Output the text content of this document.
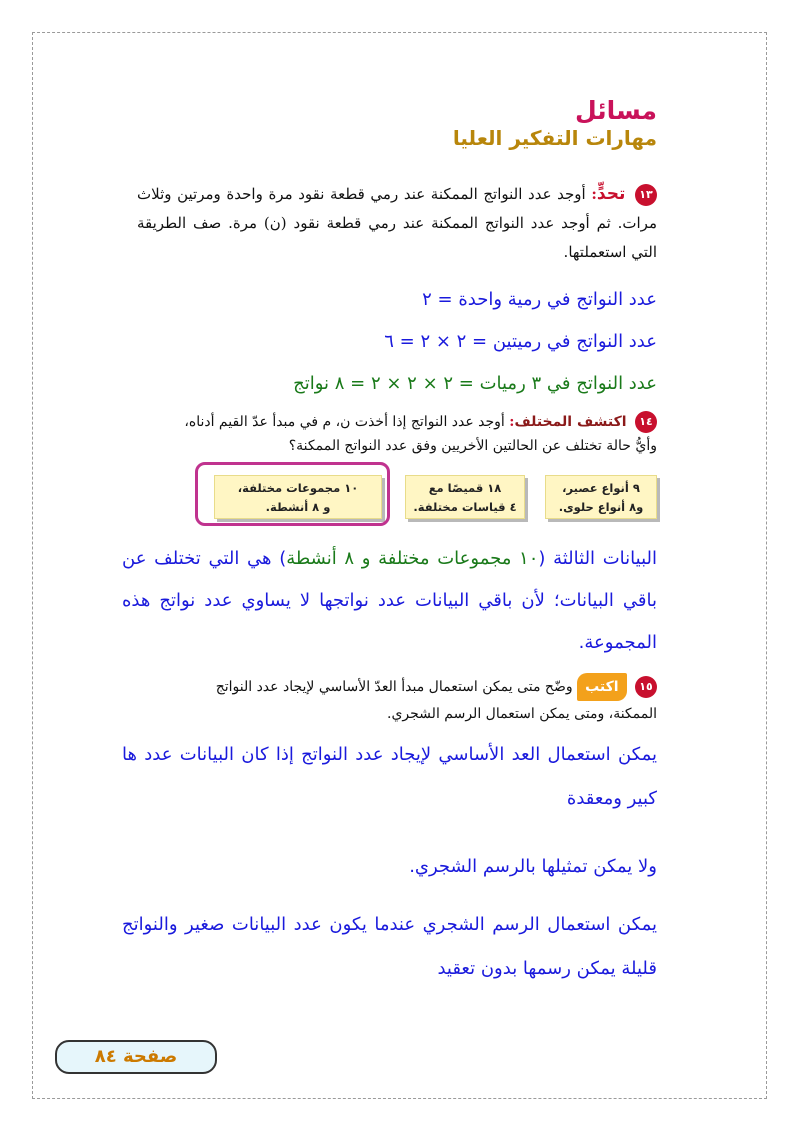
مسائل
مهارات التفكير العليا
١٣ تحدٍّ: أوجد عدد النواتج الممكنة عند رمي قطعة نقود مرة واحدة ومرتين وثلاث مرات. ثم أوجد عدد النواتج الممكنة عند رمي قطعة نقود (ن) مرة. صف الطريقة التي استعملتها.
عدد النواتج في رمية واحدة = ٢
عدد النواتج في رميتين = ٢ × ٢ = ٦
عدد النواتج في ٣ رميات = ٢ × ٢ × ٢ = ٨ نواتج
١٤ اكتشف المختلف: أوجد عدد النواتج إذا أخذت ن، م في مبدأ عدّ القيم أدناه،
وأيُّ حالة تختلف عن الحالتين الأخريين وفق عدد النواتج الممكنة؟
٩ أنواع عصير،
و٨ أنواع حلوى.
١٨ قميصًا مع
٤ قياسات مختلفة.
١٠ مجموعات مختلفة،
و ٨ أنشطة.
البيانات الثالثة (١٠ مجموعات مختلفة و ٨ أنشطة) هي التي تختلف عن باقي البيانات؛ لأن باقي البيانات عدد نواتجها لا يساوي عدد نواتج هذه المجموعة.
١٥ اكتب وضّح متى يمكن استعمال مبدأ العدّ الأساسي لإيجاد عدد النواتج
الممكنة، ومتى يمكن استعمال الرسم الشجري.
يمكن استعمال العد الأساسي لإيجاد عدد النواتج إذا كان البيانات عدد ها كبير ومعقدة
ولا يمكن تمثيلها بالرسم الشجري.
يمكن استعمال الرسم الشجري عندما يكون عدد البيانات صغير والنواتج قليلة يمكن رسمها بدون تعقيد
صفحة ٨٤
